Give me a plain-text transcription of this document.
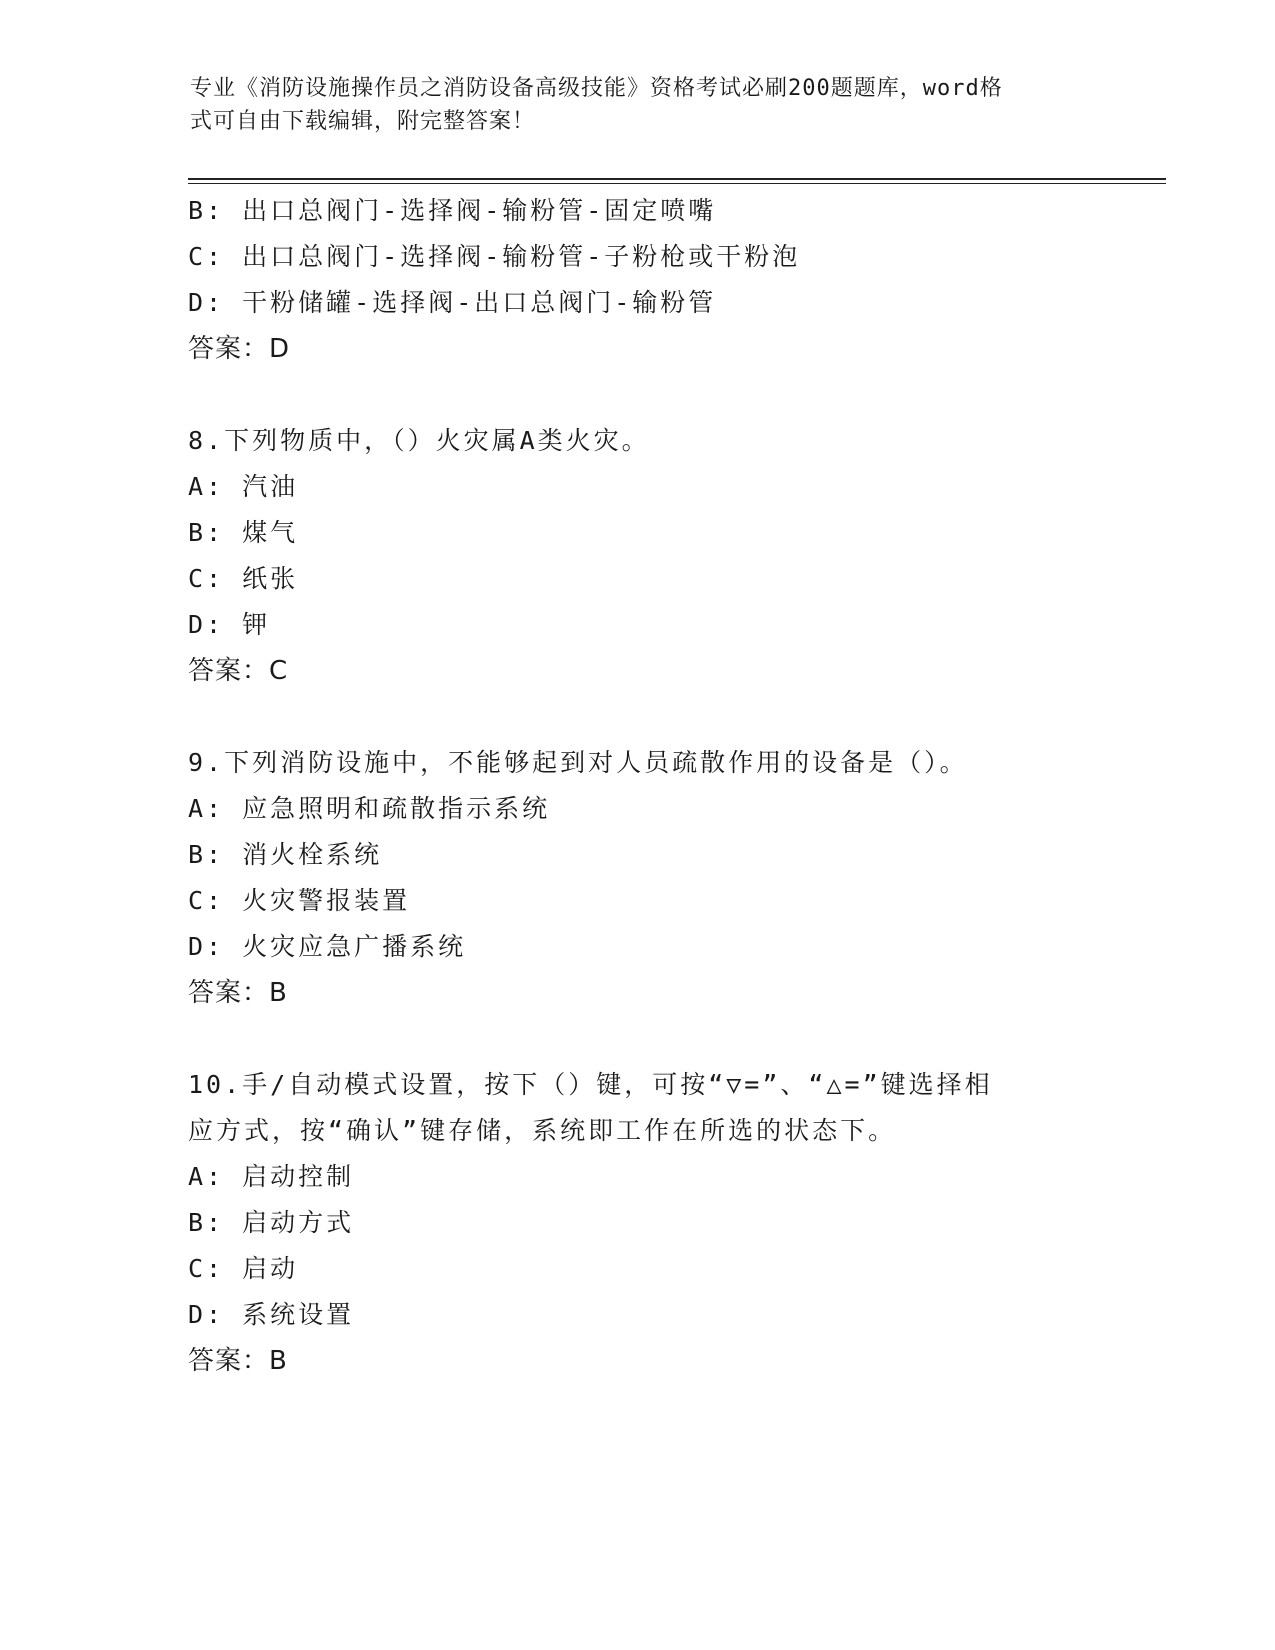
专业《消防设施操作员之消防设备高级技能》资格考试必刷200题题库，word格
式可自由下载编辑，附完整答案！
B: 出口总阀门-选择阀-输粉管-固定喷嘴
C: 出口总阀门-选择阀-输粉管-子粉枪或干粉泡
D: 干粉储罐-选择阀-出口总阀门-输粉管
答案：D
8.下列物质中，（）火灾属A类火灾。
A: 汽油
B: 煤气
C: 纸张
D: 钾
答案：C
9.下列消防设施中，不能够起到对人员疏散作用的设备是（）。
A: 应急照明和疏散指示系统
B: 消火栓系统
C: 火灾警报装置
D: 火灾应急广播系统
答案：B
10.手/自动模式设置，按下（）键，可按“▽=”、“△=”键选择相
应方式，按“确认”键存储，系统即工作在所选的状态下。
A: 启动控制
B: 启动方式
C: 启动
D: 系统设置
答案：B
